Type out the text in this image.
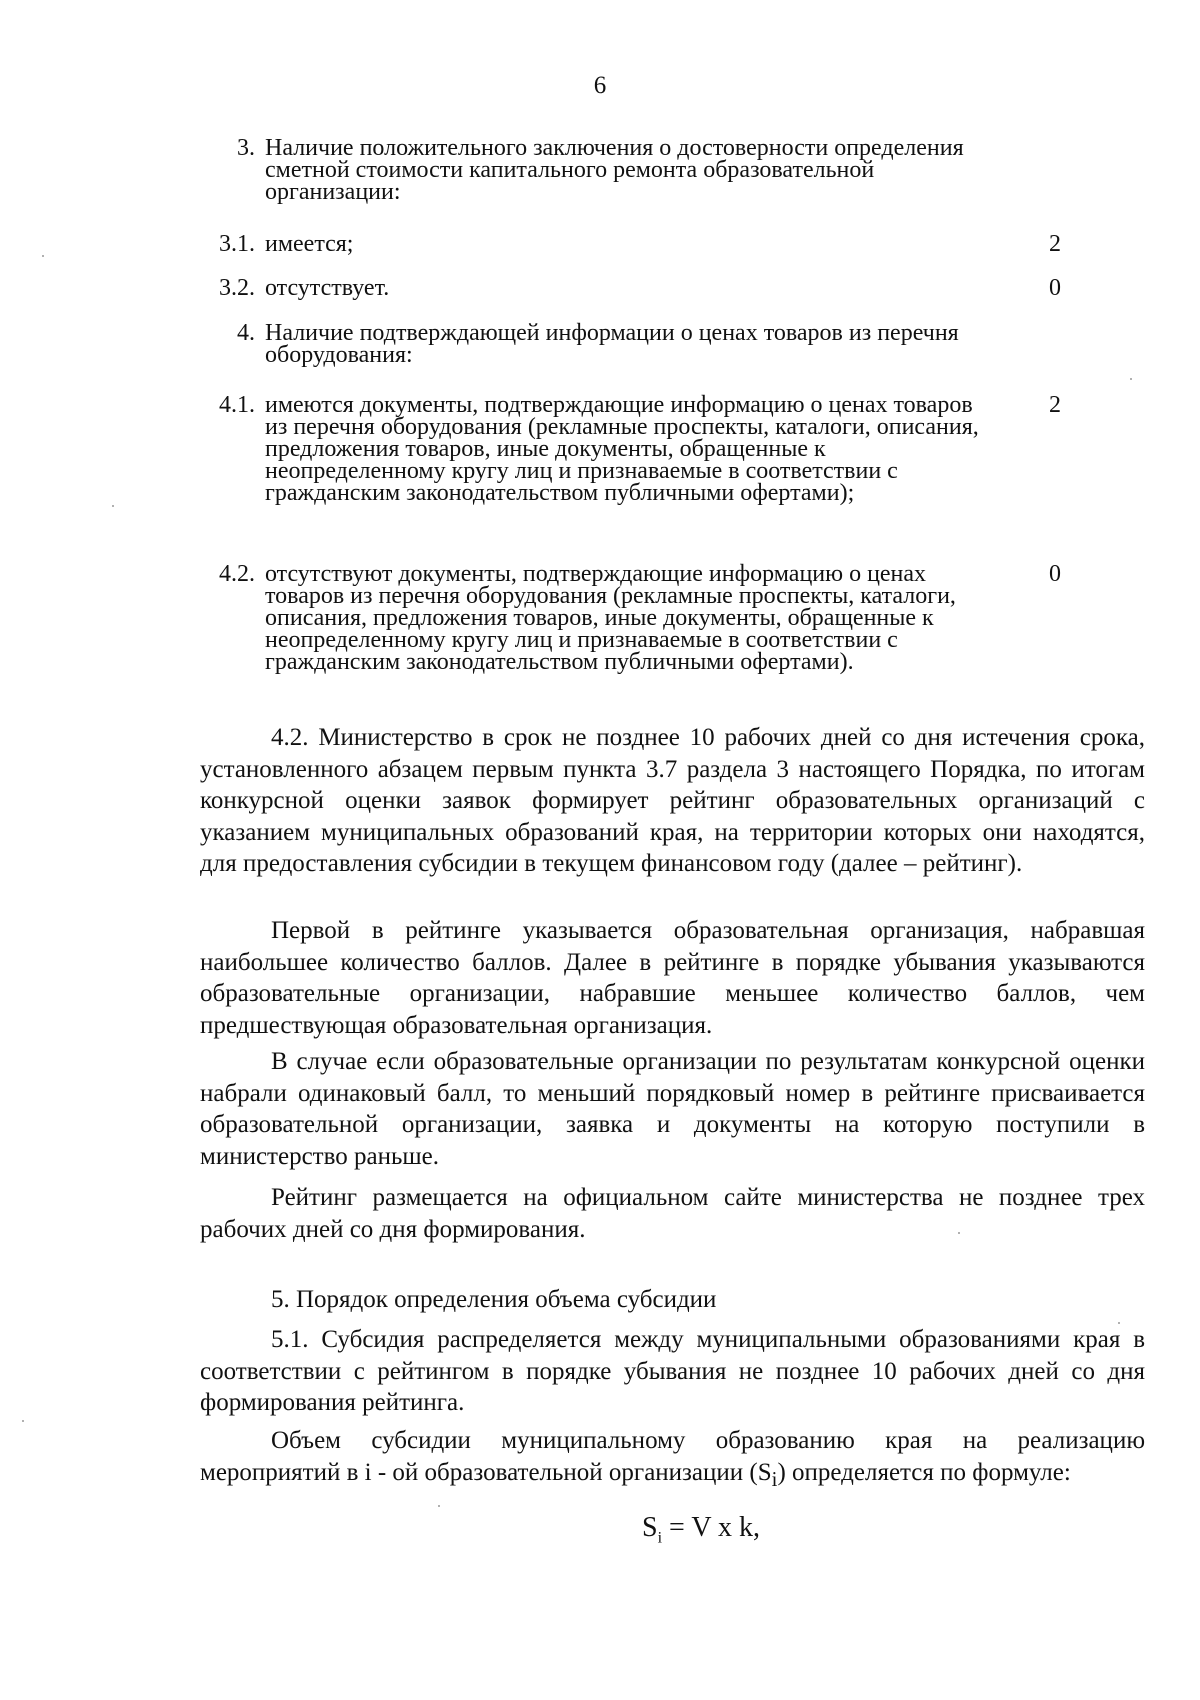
6
3. Наличие положительного заключения о достоверности определения сметной стоимости капитального ремонта образовательной организации:
3.1. имеется;	2
3.2. отсутствует.	0
4. Наличие подтверждающей информации о ценах товаров из перечня оборудования:
4.1. имеются документы, подтверждающие информацию о ценах товаров из перечня оборудования (рекламные проспекты, каталоги, описания, предложения товаров, иные документы, обращенные к неопределенному кругу лиц и признаваемые в соответствии с гражданским законодательством публичными офертами);
2
4.2. отсутствуют документы, подтверждающие информацию о ценах товаров из перечня оборудования (рекламные проспекты, каталоги, описания, предложения товаров, иные документы, обращенные к неопределенному кругу лиц и признаваемые в соответствии с гражданским законодательством публичными офертами).
0

4.2. Министерство в срок не позднее 10 рабочих дней со дня истечения срока, установленного абзацем первым пункта 3.7 раздела 3 настоящего Порядка, по итогам конкурсной оценки заявок формирует рейтинг образовательных организаций с указанием муниципальных образований края, на территории которых они находятся, для предоставления субсидии в текущем финансовом году (далее – рейтинг).

Первой в рейтинге указывается образовательная организация, набравшая наибольшее количество баллов. Далее в рейтинге в порядке убывания указываются образовательные организации, набравшие меньшее количество баллов, чем предшествующая образовательная организация.

В случае если образовательные организации по результатам конкурсной оценки набрали одинаковый балл, то меньший порядковый номер в рейтинге присваивается образовательной организации, заявка и документы на которую поступили в министерство раньше.

Рейтинг размещается на официальном сайте министерства не позднее трех рабочих дней со дня формирования.

5. Порядок определения объема субсидии

5.1. Субсидия распределяется между муниципальными образованиями края в соответствии с рейтингом в порядке убывания не позднее 10 рабочих дней со дня формирования рейтинга.

Объем субсидии муниципальному образованию края на реализацию мероприятий в i - ой образовательной организации $(S_i)$ определяется по формуле:

$S_i = V$ x k,
